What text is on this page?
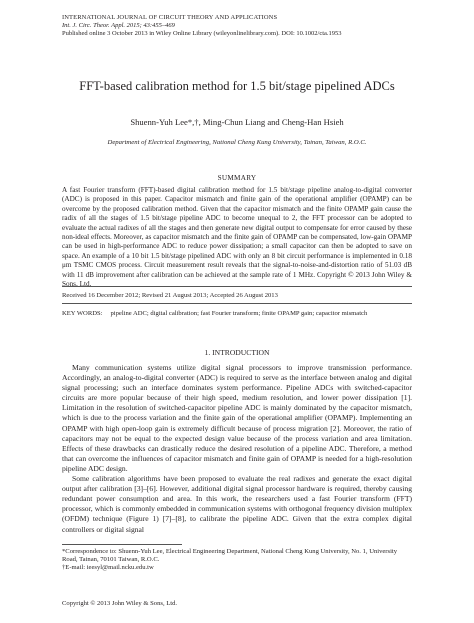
INTERNATIONAL JOURNAL OF CIRCUIT THEORY AND APPLICATIONS
Int. J. Circ. Theor. Appl. 2015; 43:455–469
Published online 3 October 2013 in Wiley Online Library (wileyonlinelibrary.com). DOI: 10.1002/cta.1953
FFT-based calibration method for 1.5 bit/stage pipelined ADCs
Shuenn-Yuh Lee*,†, Ming-Chun Liang and Cheng-Han Hsieh
Department of Electrical Engineering, National Cheng Kung University, Tainan, Taiwan, R.O.C.
SUMMARY
A fast Fourier transform (FFT)-based digital calibration method for 1.5 bit/stage pipeline analog-to-digital converter (ADC) is proposed in this paper. Capacitor mismatch and finite gain of the operational amplifier (OPAMP) can be overcome by the proposed calibration method. Given that the capacitor mismatch and the finite OPAMP gain cause the radix of all the stages of 1.5 bit/stage pipeline ADC to become unequal to 2, the FFT processor can be adopted to evaluate the actual radixes of all the stages and then generate new digital output to compensate for error caused by these non-ideal effects. Moreover, as capacitor mismatch and the finite gain of OPAMP can be compensated, low-gain OPAMP can be used in high-performance ADC to reduce power dissipation; a small capacitor can then be adopted to save on space. An example of a 10 bit 1.5 bit/stage pipelined ADC with only an 8 bit circuit performance is implemented in 0.18 μm TSMC CMOS process. Circuit measurement result reveals that the signal-to-noise-and-distortion ratio of 51.03 dB with 11 dB improvement after calibration can be achieved at the sample rate of 1 MHz. Copyright © 2013 John Wiley & Sons, Ltd.
Received 16 December 2012; Revised 21 August 2013; Accepted 26 August 2013
KEY WORDS: pipeline ADC; digital calibration; fast Fourier transform; finite OPAMP gain; capacitor mismatch
1. INTRODUCTION

Many communication systems utilize digital signal processors to improve transmission performance. Accordingly, an analog-to-digital converter (ADC) is required to serve as the interface between analog and digital signal processing; such an interface dominates system performance. Pipeline ADCs with switched-capacitor circuits are more popular because of their high speed, medium resolution, and lower power dissipation [1]. Limitation in the resolution of switched-capacitor pipeline ADC is mainly dominated by the capacitor mismatch, which is due to the process variation and the finite gain of the operational amplifier (OPAMP). Implementing an OPAMP with high open-loop gain is extremely difficult because of process migration [2]. Moreover, the ratio of capacitors may not be equal to the expected design value because of the process variation and area limitation. Effects of these drawbacks can drastically reduce the desired resolution of a pipeline ADC. Therefore, a method that can overcome the influences of capacitor mismatch and finite gain of OPAMP is needed for a high-resolution pipeline ADC design.

Some calibration algorithms have been proposed to evaluate the real radixes and generate the exact digital output after calibration [3]–[6]. However, additional digital signal processor hardware is required, thereby causing redundant power consumption and area. In this work, the researchers used a fast Fourier transform (FFT) processor, which is commonly embedded in communication systems with orthogonal frequency division multiplex (OFDM) technique (Figure 1) [7]–[8], to calibrate the pipeline ADC. Given that the extra complex digital controllers or digital signal

*Correspondence to: Shuenn-Yuh Lee, Electrical Engineering Department, National Cheng Kung University, No. 1, University Road, Tainan, 70101 Taiwan, R.O.C.

†E-mail: ieesyl@mail.ncku.edu.tw

Copyright © 2013 John Wiley & Sons, Ltd.
